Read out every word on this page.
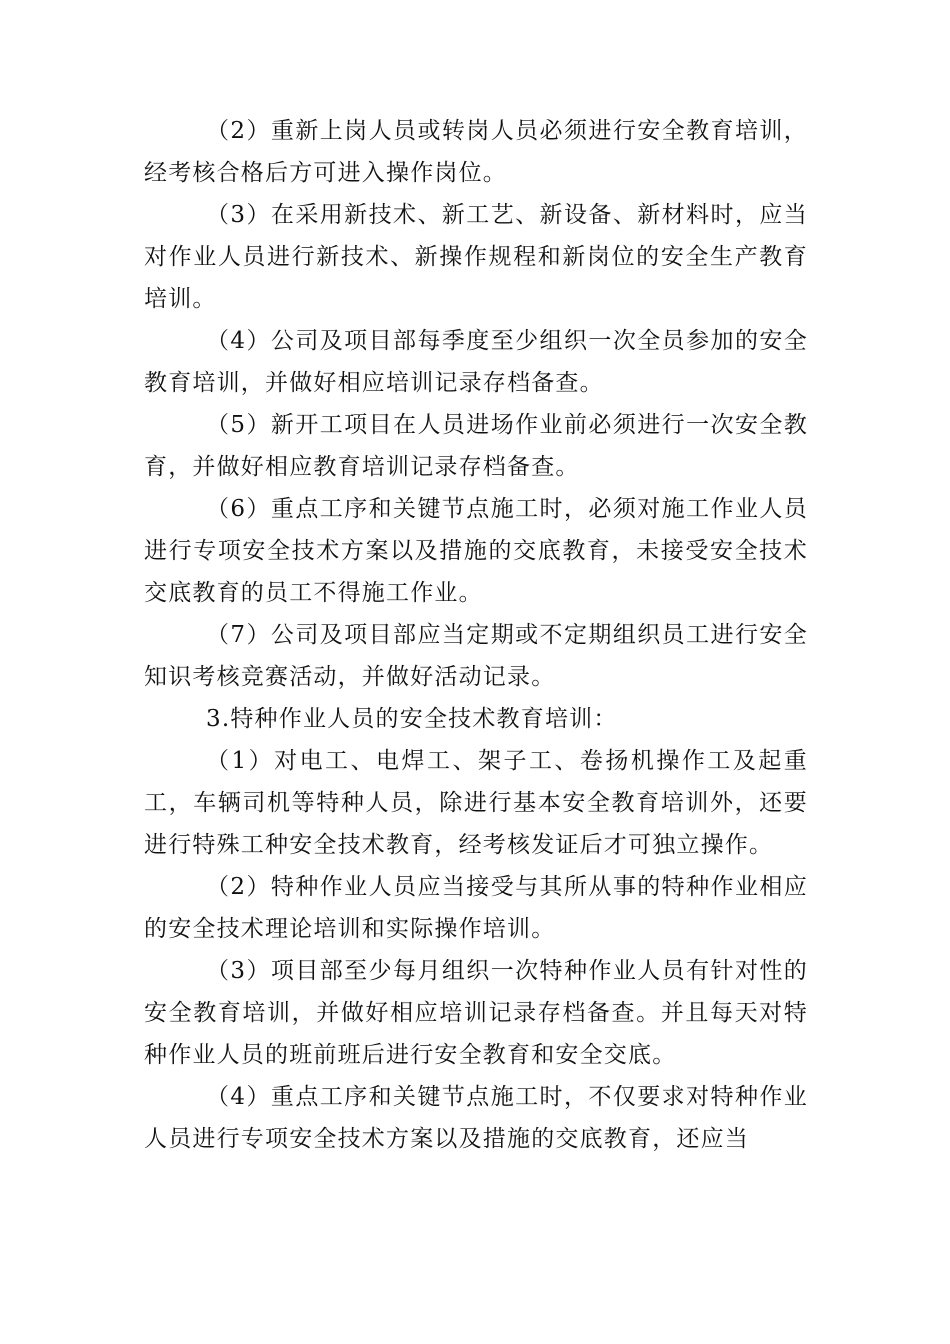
（2）重新上岗人员或转岗人员必须进行安全教育培训，经考核合格后方可进入操作岗位。

（3）在采用新技术、新工艺、新设备、新材料时，应当对作业人员进行新技术、新操作规程和新岗位的安全生产教育培训。

（4）公司及项目部每季度至少组织一次全员参加的安全教育培训，并做好相应培训记录存档备查。

（5）新开工项目在人员进场作业前必须进行一次安全教育，并做好相应教育培训记录存档备查。

（6）重点工序和关键节点施工时，必须对施工作业人员进行专项安全技术方案以及措施的交底教育，未接受安全技术交底教育的员工不得施工作业。

（7）公司及项目部应当定期或不定期组织员工进行安全知识考核竞赛活动，并做好活动记录。

3.特种作业人员的安全技术教育培训：

（1）对电工、电焊工、架子工、卷扬机操作工及起重工，车辆司机等特种人员，除进行基本安全教育培训外，还要进行特殊工种安全技术教育，经考核发证后才可独立操作。

（2）特种作业人员应当接受与其所从事的特种作业相应的安全技术理论培训和实际操作培训。

（3）项目部至少每月组织一次特种作业人员有针对性的安全教育培训，并做好相应培训记录存档备查。并且每天对特种作业人员的班前班后进行安全教育和安全交底。

（4）重点工序和关键节点施工时，不仅要求对特种作业人员进行专项安全技术方案以及措施的交底教育，还应当
